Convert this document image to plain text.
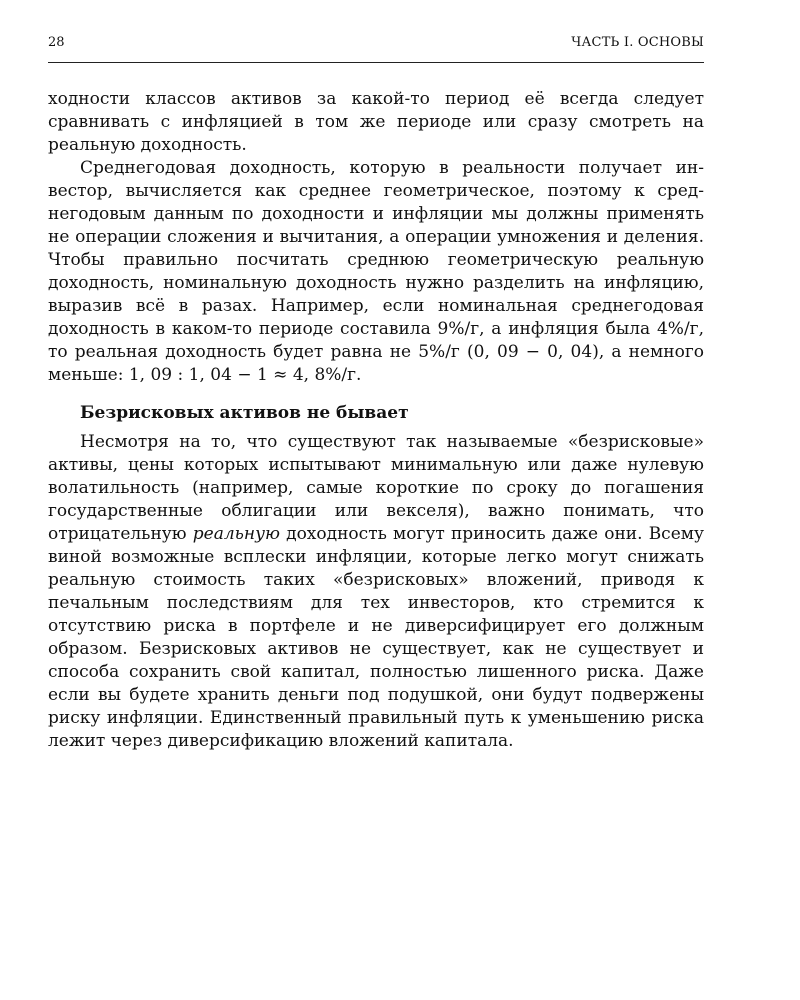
28	ЧАСТЬ I. ОСНОВЫ

ходности классов активов за какой-то период её всегда следует сравнивать с инфляцией в том же периоде или сразу смотреть на реальную доходность.

Среднегодовая доходность, которую в реальности получает инвестор, вычисляется как среднее геометрическое, поэтому к среднегодовым данным по доходности и инфляции мы должны применять не операции сложения и вычитания, а операции умножения и деления. Чтобы правильно посчитать среднюю геометрическую реальную доходность, номинальную доходность нужно разделить на инфляцию, выразив всё в разах. Например, если номинальная среднегодовая доходность в каком-то периоде составила 9%/г, а инфляция была 4%/г, то реальная доходность будет равна не 5%/г (0, 09 − 0, 04), а немного меньше: 1, 09 : 1, 04 − 1 ≈ 4, 8%/г.

Безрисковых активов не бывает

Несмотря на то, что существуют так называемые «безрисковые» активы, цены которых испытывают минимальную или даже нулевую волатильность (например, самые короткие по сроку до погашения государственные облигации или векселя), важно понимать, что отрицательную реальную доходность могут приносить даже они. Всему виной возможные всплески инфляции, которые легко могут снижать реальную стоимость таких «безрисковых» вложений, приводя к печальным последствиям для тех инвесторов, кто стремится к отсутствию риска в портфеле и не диверсифицирует его должным образом. Безрисковых активов не существует, как не существует и способа сохранить свой капитал, полностью лишенного риска. Даже если вы будете хранить деньги под подушкой, они будут подвержены риску инфляции. Единственный правильный путь к уменьшению риска лежит через диверсификацию вложений капитала.
